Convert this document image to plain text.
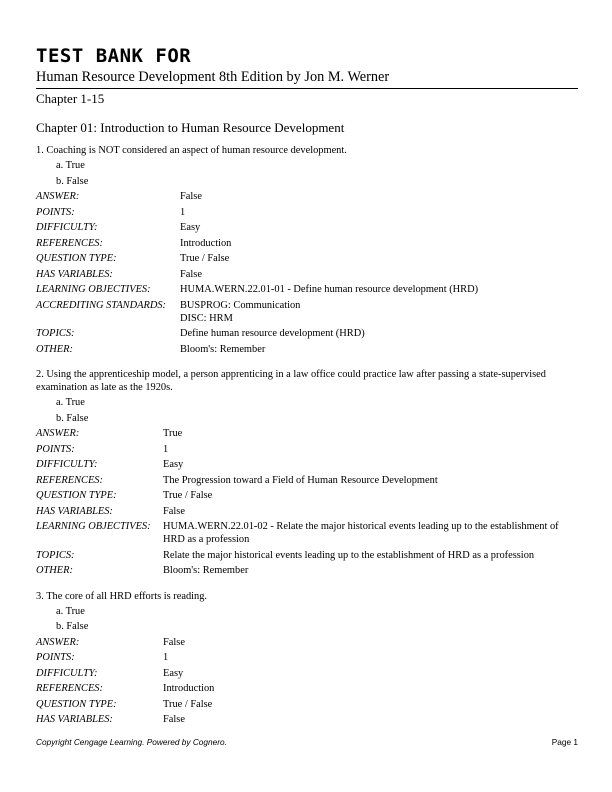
TEST BANK FOR
Human Resource Development 8th Edition by Jon M. Werner
Chapter 1-15
Chapter 01: Introduction to Human Resource Development
1. Coaching is NOT considered an aspect of human resource development.
a. True
b. False
ANSWER:	False

POINTS:	1

DIFFICULTY:	Easy

REFERENCES:	Introduction

QUESTION TYPE:	True / False

HAS VARIABLES:	False

LEARNING OBJECTIVES:	HUMA.WERN.22.01-01 - Define human resource development (HRD)

ACCREDITING STANDARDS:	BUSPROG: Communication
DISC: HRM

TOPICS:	Define human resource development (HRD)

OTHER:	Bloom's: Remember
2. Using the apprenticeship model, a person apprenticing in a law office could practice law after passing a state-supervised examination as late as the 1920s.
a. True
b. False
ANSWER:	True

POINTS:	1

DIFFICULTY:	Easy

REFERENCES:	The Progression toward a Field of Human Resource Development

QUESTION TYPE:	True / False

HAS VARIABLES:	False

LEARNING OBJECTIVES:	HUMA.WERN.22.01-02 - Relate the major historical events leading up to the establishment of HRD as a profession

TOPICS:	Relate the major historical events leading up to the establishment of HRD as a profession

OTHER:	Bloom's: Remember
3. The core of all HRD efforts is reading.
a. True
b. False
ANSWER:	False

POINTS:	1

DIFFICULTY:	Easy

REFERENCES:	Introduction

QUESTION TYPE:	True / False

HAS VARIABLES:	False
Copyright Cengage Learning. Powered by Cognero.	Page 1
